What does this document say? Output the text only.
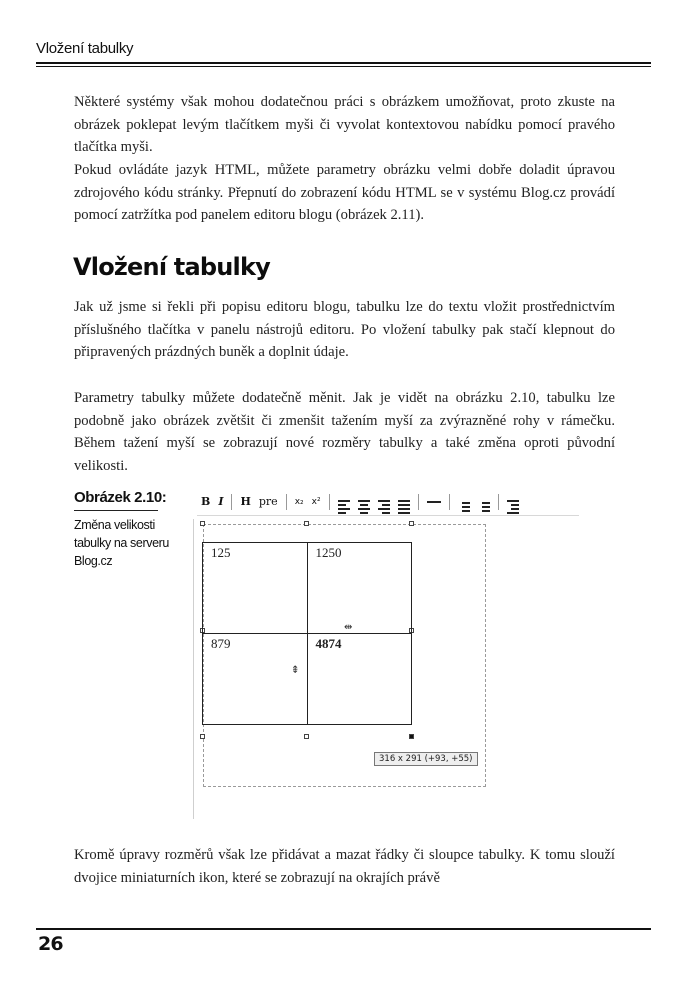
Vložení tabulky

Některé systémy však mohou dodatečnou práci s obrázkem umožňovat, proto zkuste na obrázek poklepat levým tlačítkem myši či vyvolat kontextovou nabídku pomocí pravého tlačítka myši.

Pokud ovládáte jazyk HTML, můžete parametry obrázku velmi dobře doladit úpravou zdrojového kódu stránky. Přepnutí do zobrazení kódu HTML se v systému Blog.cz provádí pomocí zatržítka pod panelem editoru blogu (obrázek 2.11).

Vložení tabulky

Jak už jsme si řekli při popisu editoru blogu, tabulku lze do textu vložit prostřednictvím příslušného tlačítka v panelu nástrojů editoru. Po vložení tabulky pak stačí klepnout do připravených prázdných buněk a doplnit údaje.

Parametry tabulky můžete dodatečně měnit. Jak je vidět na obrázku 2.10, tabulku lze podobně jako obrázek zvětšit či zmenšit tažením myší za zvýrazněné rohy v rámečku. Během tažení myší se zobrazují nové rozměry tabulky a také změna oproti původní velikosti.

Obrázek 2.10:

Změna velikosti tabulky na serveru Blog.cz

B I	H pre	x₂ x²
125	1250
879	4874
⇹
⇹
316 x 291 (+93, +55)

Kromě úpravy rozměrů však lze přidávat a mazat řádky či sloupce tabulky. K tomu slouží dvojice miniaturních ikon, které se zobrazují na okrajích právě

26
